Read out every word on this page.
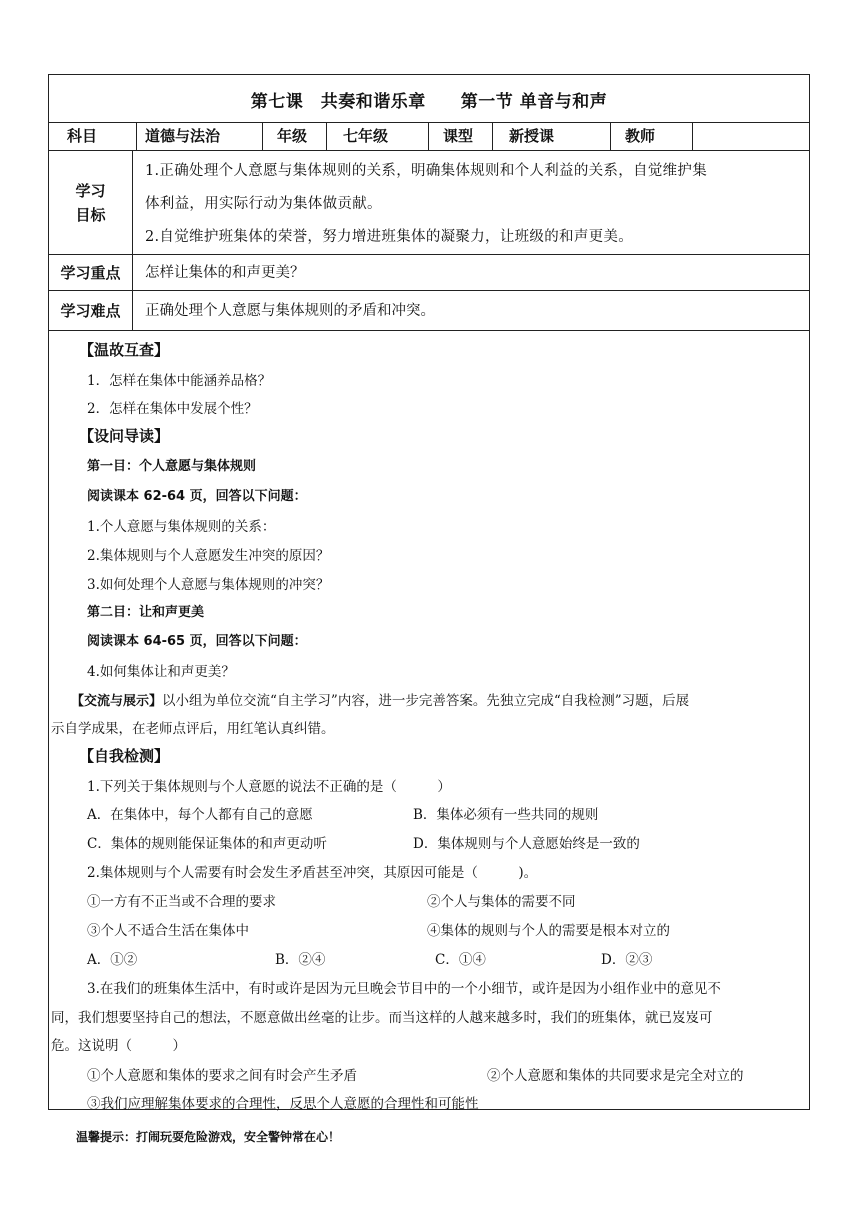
第七课　共奏和谐乐章　　第一节 单音与和声
科目	道德与法治	年级	七年级	课型	新授课	教师
学习
目标
1.正确处理个人意愿与集体规则的关系，明确集体规则和个人利益的关系，自觉维护集
体利益，用实际行动为集体做贡献。
2.自觉维护班集体的荣誉，努力增进班集体的凝聚力，让班级的和声更美。
学习重点	怎样让集体的和声更美？
学习难点	正确处理个人意愿与集体规则的矛盾和冲突。
【温故互查】
1．怎样在集体中能涵养品格？
2．怎样在集体中发展个性？
【设问导读】
第一目：个人意愿与集体规则
阅读课本 62-64 页，回答以下问题：
1.个人意愿与集体规则的关系：
2.集体规则与个人意愿发生冲突的原因？
3.如何处理个人意愿与集体规则的冲突？
第二目：让和声更美
阅读课本 64-65 页，回答以下问题：
4.如何集体让和声更美？
【交流与展示】以小组为单位交流“自主学习”内容，进一步完善答案。先独立完成“自我检测”习题，后展
示自学成果，在老师点评后，用红笔认真纠错。
【自我检测】
1.下列关于集体规则与个人意愿的说法不正确的是（　　　）
A．在集体中，每个人都有自己的意愿	B．集体必须有一些共同的规则
C．集体的规则能保证集体的和声更动听	D．集体规则与个人意愿始终是一致的
2.集体规则与个人需要有时会发生矛盾甚至冲突，其原因可能是（　　　)。
①一方有不正当或不合理的要求	②个人与集体的需要不同
③个人不适合生活在集体中	④集体的规则与个人的需要是根本对立的
A．①②	B．②④	C．①④	D．②③
3.在我们的班集体生活中，有时或许是因为元旦晚会节目中的一个小细节，或许是因为小组作业中的意见不
同，我们想要坚持自己的想法，不愿意做出丝毫的让步。而当这样的人越来越多时，我们的班集体，就已岌岌可
危。这说明（　　　）
①个人意愿和集体的要求之间有时会产生矛盾	②个人意愿和集体的共同要求是完全对立的
③我们应理解集体要求的合理性，反思个人意愿的合理性和可能性
温馨提示：打闹玩耍危险游戏，安全警钟常在心！
